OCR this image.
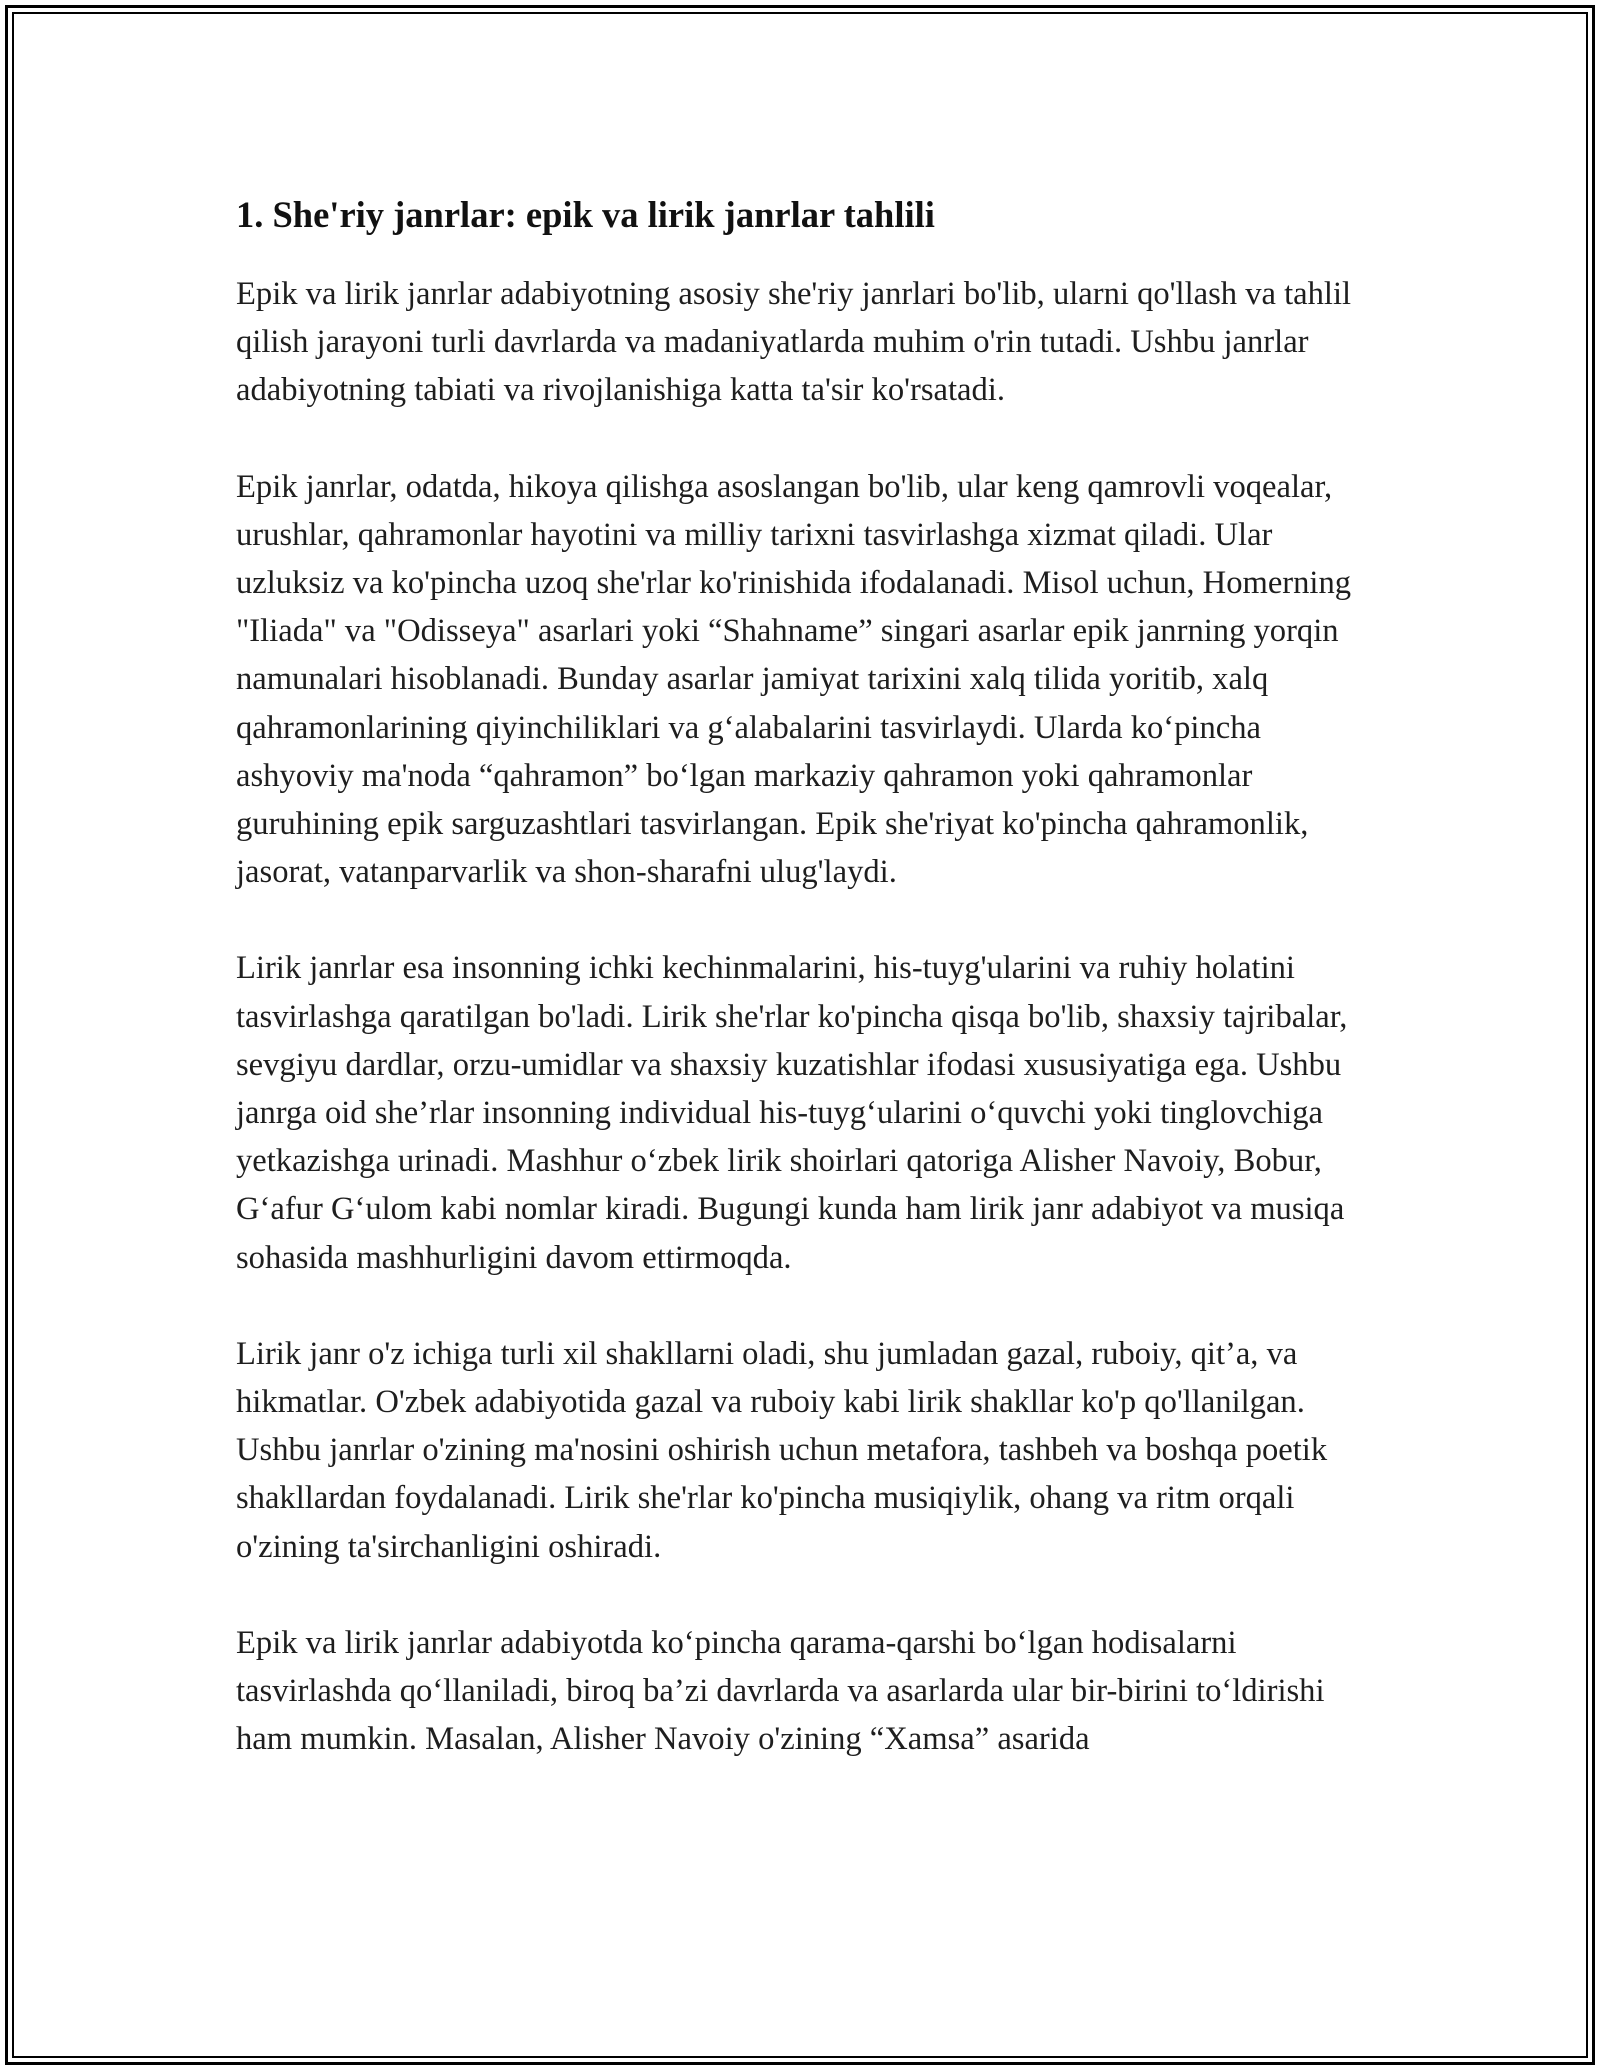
1. She'riy janrlar: epik va lirik janrlar tahlili

Epik va lirik janrlar adabiyotning asosiy she'riy janrlari bo'lib, ularni qo'llash va tahlil qilish jarayoni turli davrlarda va madaniyatlarda muhim o'rin tutadi. Ushbu janrlar adabiyotning tabiati va rivojlanishiga katta ta'sir ko'rsatadi.

Epik janrlar, odatda, hikoya qilishga asoslangan bo'lib, ular keng qamrovli voqealar, urushlar, qahramonlar hayotini va milliy tarixni tasvirlashga xizmat qiladi. Ular uzluksiz va ko'pincha uzoq she'rlar ko'rinishida ifodalanadi. Misol uchun, Homerning "Iliada" va "Odisseya" asarlari yoki “Shahname” singari asarlar epik janrning yorqin namunalari hisoblanadi. Bunday asarlar jamiyat tarixini xalq tilida yoritib, xalq qahramonlarining qiyinchiliklari va g‘alabalarini tasvirlaydi. Ularda ko‘pincha ashyoviy ma'noda “qahramon” bo‘lgan markaziy qahramon yoki qahramonlar guruhining epik sarguzashtlari tasvirlangan. Epik she'riyat ko'pincha qahramonlik, jasorat, vatanparvarlik va shon-sharafni ulug'laydi.

Lirik janrlar esa insonning ichki kechinmalarini, his-tuyg'ularini va ruhiy holatini tasvirlashga qaratilgan bo'ladi. Lirik she'rlar ko'pincha qisqa bo'lib, shaxsiy tajribalar, sevgiyu dardlar, orzu-umidlar va shaxsiy kuzatishlar ifodasi xususiyatiga ega. Ushbu janrga oid she’rlar insonning individual his-tuyg‘ularini o‘quvchi yoki tinglovchiga yetkazishga urinadi. Mashhur o‘zbek lirik shoirlari qatoriga Alisher Navoiy, Bobur, G‘afur G‘ulom kabi nomlar kiradi. Bugungi kunda ham lirik janr adabiyot va musiqa sohasida mashhurligini davom ettirmoqda.

Lirik janr o'z ichiga turli xil shakllarni oladi, shu jumladan gazal, ruboiy, qit’a, va hikmatlar. O'zbek adabiyotida gazal va ruboiy kabi lirik shakllar ko'p qo'llanilgan. Ushbu janrlar o'zining ma'nosini oshirish uchun metafora, tashbeh va boshqa poetik shakllardan foydalanadi. Lirik she'rlar ko'pincha musiqiylik, ohang va ritm orqali o'zining ta'sirchanligini oshiradi.

Epik va lirik janrlar adabiyotda ko‘pincha qarama-qarshi bo‘lgan hodisalarni tasvirlashda qo‘llaniladi, biroq ba’zi davrlarda va asarlarda ular bir-birini to‘ldirishi ham mumkin. Masalan, Alisher Navoiy o'zining “Xamsa” asarida
